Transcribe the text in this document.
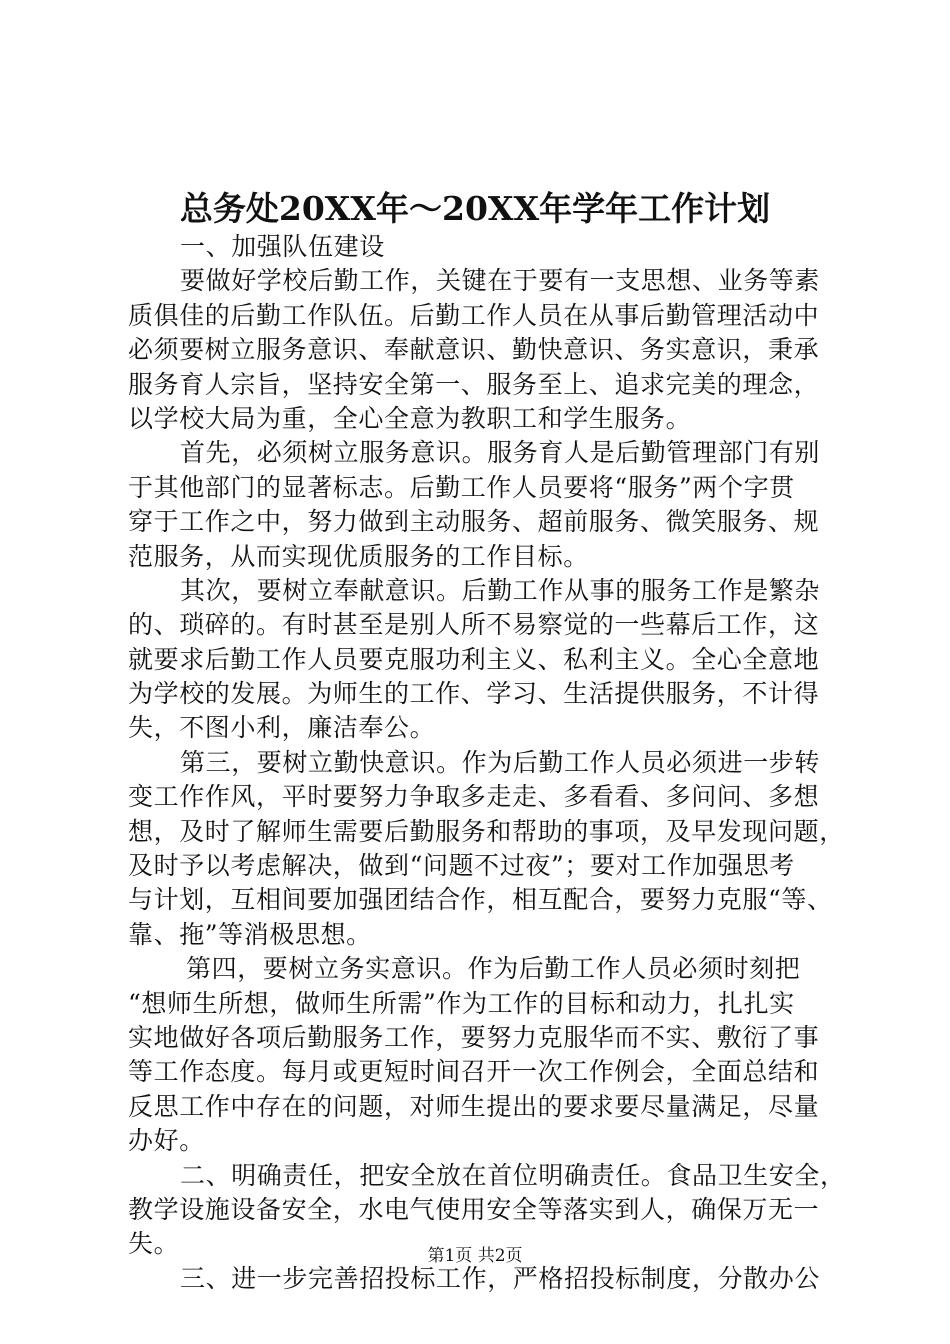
总务处20XX年～20XX年学年工作计划
一、加强队伍建设
要做好学校后勤工作，关键在于要有一支思想、业务等素
质俱佳的后勤工作队伍。后勤工作人员在从事后勤管理活动中
必须要树立服务意识、奉献意识、勤快意识、务实意识，秉承
服务育人宗旨，坚持安全第一、服务至上、追求完美的理念，
以学校大局为重，全心全意为教职工和学生服务。
首先，必须树立服务意识。服务育人是后勤管理部门有别
于其他部门的显著标志。后勤工作人员要将“服务”两个字贯
穿于工作之中，努力做到主动服务、超前服务、微笑服务、规
范服务，从而实现优质服务的工作目标。
其次，要树立奉献意识。后勤工作从事的服务工作是繁杂
的、琐碎的。有时甚至是别人所不易察觉的一些幕后工作，这
就要求后勤工作人员要克服功利主义、私利主义。全心全意地
为学校的发展。为师生的工作、学习、生活提供服务，不计得
失，不图小利，廉洁奉公。
第三，要树立勤快意识。作为后勤工作人员必须进一步转
变工作作风，平时要努力争取多走走、多看看、多问问、多想
想，及时了解师生需要后勤服务和帮助的事项，及早发现问题，
及时予以考虑解决，做到“问题不过夜”；要对工作加强思考
与计划，互相间要加强团结合作，相互配合，要努力克服“等、
靠、拖”等消极思想。
第四，要树立务实意识。作为后勤工作人员必须时刻把
“想师生所想，做师生所需”作为工作的目标和动力，扎扎实
实地做好各项后勤服务工作，要努力克服华而不实、敷衍了事
等工作态度。每月或更短时间召开一次工作例会，全面总结和
反思工作中存在的问题，对师生提出的要求要尽量满足，尽量
办好。
二、明确责任，把安全放在首位明确责任。食品卫生安全，
教学设施设备安全，水电气使用安全等落实到人，确保万无一
失。
三、进一步完善招投标工作，严格招投标制度，分散办公
第1页 共2页
